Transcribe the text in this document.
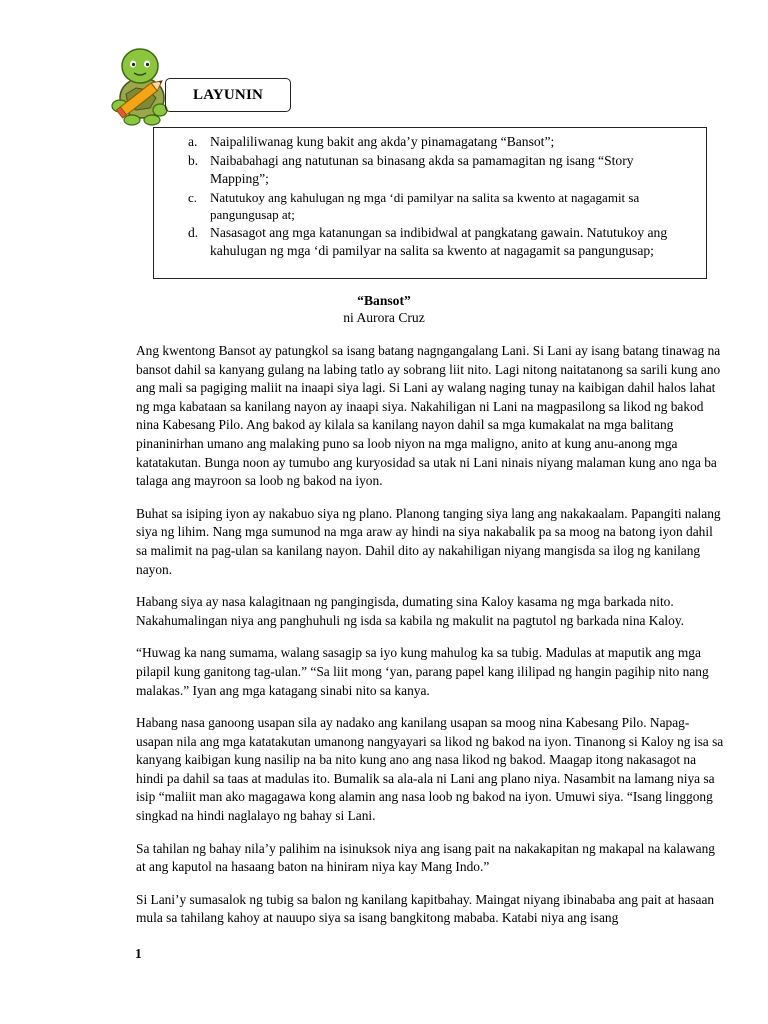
LAYUNIN
a. Naipaliliwanag kung bakit ang akda’y pinamagatang “Bansot”;
b. Naibabahagi ang natutunan sa binasang akda sa pamamagitan ng isang “Story Mapping”;
c. Natutukoy ang kahulugan ng mga ‘di pamilyar na salita sa kwento at nagagamit sa pangungusap at;
d. Nasasagot ang mga katanungan sa indibidwal at pangkatang gawain. Natutukoy ang kahulugan ng mga ‘di pamilyar na salita sa kwento at nagagamit sa pangungusap;
“Bansot”
ni Aurora Cruz

Ang kwentong Bansot ay patungkol sa isang batang nagngangalang Lani. Si Lani ay isang batang tinawag na bansot dahil sa kanyang gulang na labing tatlo ay sobrang liit nito. Lagi nitong naitatanong sa sarili kung ano ang mali sa pagiging maliit na inaapi siya lagi. Si Lani ay walang naging tunay na kaibigan dahil halos lahat ng mga kabataan sa kanilang nayon ay inaapi siya. Nakahiligan ni Lani na magpasilong sa likod ng bakod nina Kabesang Pilo. Ang bakod ay kilala sa kanilang nayon dahil sa mga kumakalat na mga balitang pinaninirhan umano ang malaking puno sa loob niyon na mga maligno, anito at kung anu-anong mga katatakutan. Bunga noon ay tumubo ang kuryosidad sa utak ni Lani ninais niyang malaman kung ano nga ba talaga ang mayroon sa loob ng bakod na iyon.

Buhat sa isiping iyon ay nakabuo siya ng plano. Planong tanging siya lang ang nakakaalam. Papangiti nalang siya ng lihim. Nang mga sumunod na mga araw ay hindi na siya nakabalik pa sa moog na batong iyon dahil sa malimit na pag-ulan sa kanilang nayon. Dahil dito ay nakahiligan niyang mangisda sa ilog ng kanilang nayon.

Habang siya ay nasa kalagitnaan ng pangingisda, dumating sina Kaloy kasama ng mga barkada nito. Nakahumalingan niya ang panghuhuli ng isda sa kabila ng makulit na pagtutol ng barkada nina Kaloy.

“Huwag ka nang sumama, walang sasagip sa iyo kung mahulog ka sa tubig. Madulas at maputik ang mga pilapil kung ganitong tag-ulan.” “Sa liit mong ‘yan, parang papel kang ililipad ng hangin pagihip nito nang malakas.” Iyan ang mga katagang sinabi nito sa kanya.

Habang nasa ganoong usapan sila ay nadako ang kanilang usapan sa moog nina Kabesang Pilo. Napag-usapan nila ang mga katatakutan umanong nangyayari sa likod ng bakod na iyon. Tinanong si Kaloy ng isa sa kanyang kaibigan kung nasilip na ba nito kung ano ang nasa likod ng bakod. Maagap itong nakasagot na hindi pa dahil sa taas at madulas ito. Bumalik sa ala-ala ni Lani ang plano niya. Nasambit na lamang niya sa isip “maliit man ako magagawa kong alamin ang nasa loob ng bakod na iyon. Umuwi siya. “Isang linggong singkad na hindi naglalayo ng bahay si Lani.

Sa tahilan ng bahay nila’y palihim na isinuksok niya ang isang pait na nakakapitan ng makapal na kalawang at ang kaputol na hasaang baton na hiniram niya kay Mang Indo.”

Si Lani’y sumasalok ng tubig sa balon ng kanilang kapitbahay. Maingat niyang ibinababa ang pait at hasaan mula sa tahilang kahoy at nauupo siya sa isang bangkitong mababa. Katabi niya ang isang

1
